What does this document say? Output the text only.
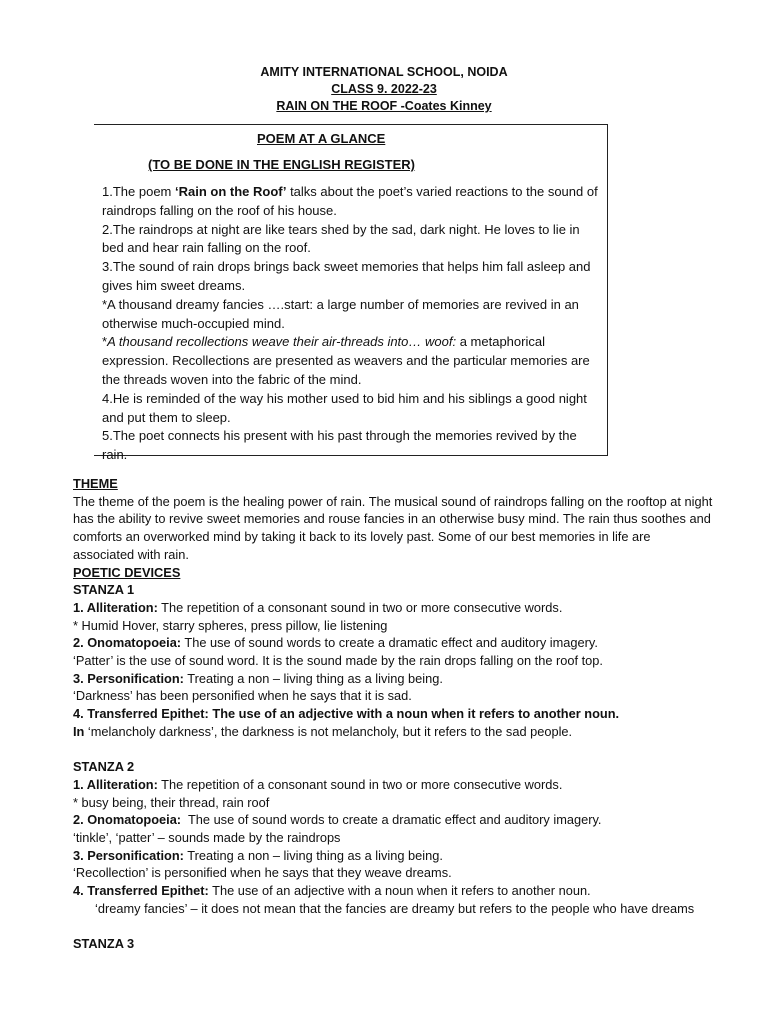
AMITY INTERNATIONAL SCHOOL, NOIDA
CLASS 9. 2022-23
RAIN ON THE ROOF -Coates Kinney
POEM AT A GLANCE
(TO BE DONE IN THE ENGLISH REGISTER)

1.The poem ‘Rain on the Roof’ talks about the poet’s varied reactions to the sound of raindrops falling on the roof of his house.

2.The raindrops at night are like tears shed by the sad, dark night. He loves to lie in bed and hear rain falling on the roof.

3.The sound of rain drops brings back sweet memories that helps him fall asleep and gives him sweet dreams.

*A thousand dreamy fancies ….start: a large number of memories are revived in an otherwise much-occupied mind.

*A thousand recollections weave their air-threads into… woof: a metaphorical expression. Recollections are presented as weavers and the particular memories are the threads woven into the fabric of the mind.

4.He is reminded of the way his mother used to bid him and his siblings a good night and put them to sleep.

5.The poet connects his present with his past through the memories revived by the rain.

THEME

The theme of the poem is the healing power of rain. The musical sound of raindrops falling on the rooftop at night has the ability to revive sweet memories and rouse fancies in an otherwise busy mind. The rain thus soothes and comforts an overworked mind by taking it back to its lovely past. Some of our best memories in life are associated with rain.

POETIC DEVICES

STANZA 1

1. Alliteration: The repetition of a consonant sound in two or more consecutive words.

* Humid Hover, starry spheres, press pillow, lie listening

2. Onomatopoeia: The use of sound words to create a dramatic effect and auditory imagery.

‘Patter’ is the use of sound word. It is the sound made by the rain drops falling on the roof top.

3. Personification: Treating a non – living thing as a living being.

‘Darkness’ has been personified when he says that it is sad.

4. Transferred Epithet: The use of an adjective with a noun when it refers to another noun.

In ‘melancholy darkness’, the darkness is not melancholy, but it refers to the sad people.

STANZA 2

1. Alliteration: The repetition of a consonant sound in two or more consecutive words.

* busy being, their thread, rain roof

2. Onomatopoeia:  The use of sound words to create a dramatic effect and auditory imagery.

‘tinkle’, ‘patter’ – sounds made by the raindrops

3. Personification: Treating a non – living thing as a living being.

‘Recollection’ is personified when he says that they weave dreams.

4. Transferred Epithet: The use of an adjective with a noun when it refers to another noun.

‘dreamy fancies’ – it does not mean that the fancies are dreamy but refers to the people who have dreams

STANZA 3
